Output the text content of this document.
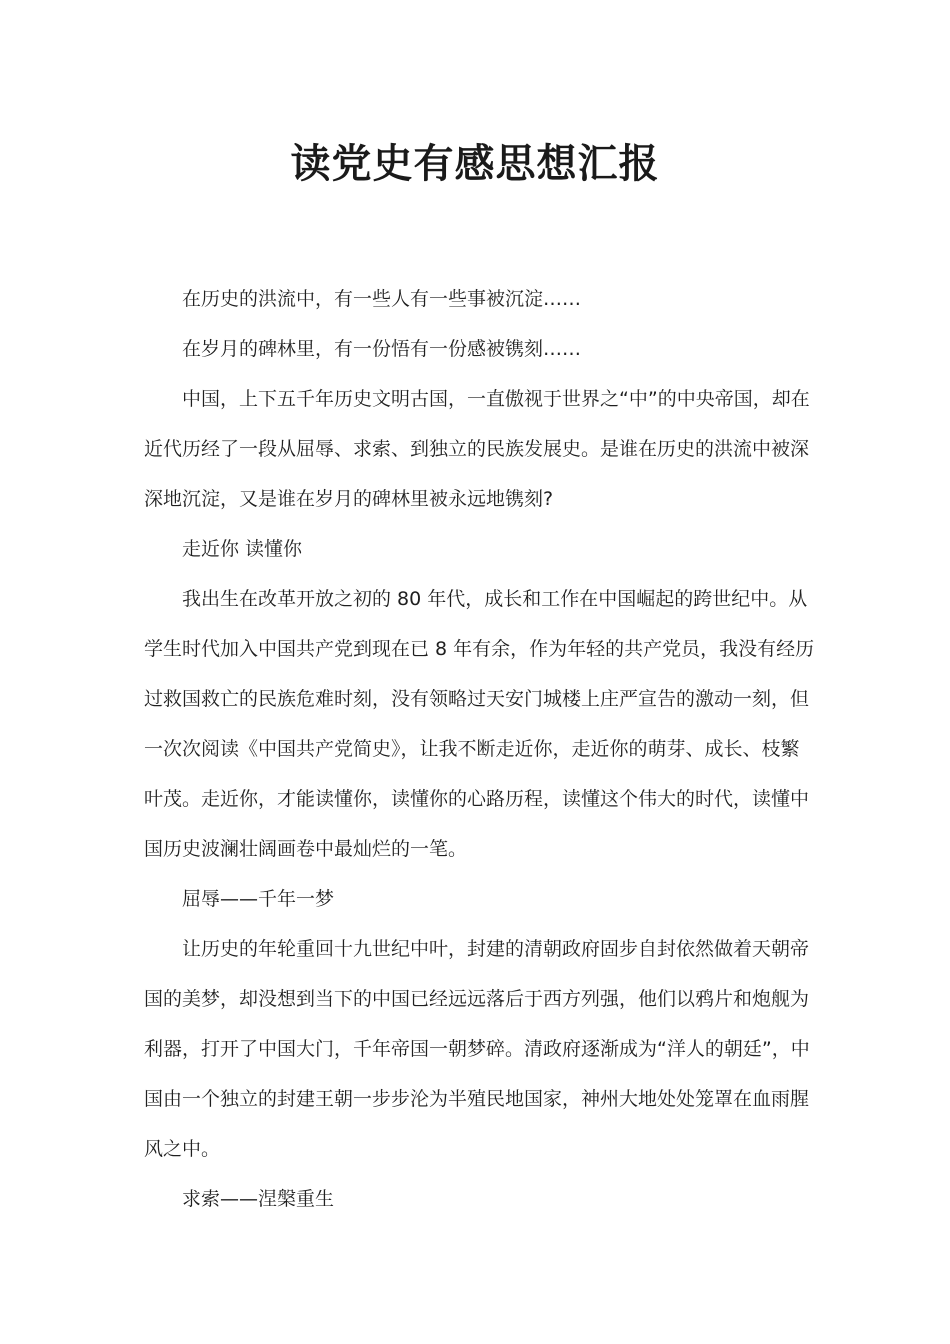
读党史有感思想汇报

在历史的洪流中，有一些人有一些事被沉淀……

在岁月的碑林里，有一份悟有一份感被镌刻……

中国，上下五千年历史文明古国，一直傲视于世界之“中”的中央帝国，却在近代历经了一段从屈辱、求索、到独立的民族发展史。是谁在历史的洪流中被深深地沉淀，又是谁在岁月的碑林里被永远地镌刻?

走近你 读懂你

我出生在改革开放之初的 80 年代，成长和工作在中国崛起的跨世纪中。从学生时代加入中国共产党到现在已 8 年有余，作为年轻的共产党员，我没有经历过救国救亡的民族危难时刻，没有领略过天安门城楼上庄严宣告的激动一刻，但一次次阅读《中国共产党简史》，让我不断走近你，走近你的萌芽、成长、枝繁叶茂。走近你，才能读懂你，读懂你的心路历程，读懂这个伟大的时代，读懂中国历史波澜壮阔画卷中最灿烂的一笔。

屈辱——千年一梦

让历史的年轮重回十九世纪中叶，封建的清朝政府固步自封依然做着天朝帝国的美梦，却没想到当下的中国已经远远落后于西方列强，他们以鸦片和炮舰为利器，打开了中国大门，千年帝国一朝梦碎。清政府逐渐成为“洋人的朝廷”，中国由一个独立的封建王朝一步步沦为半殖民地国家，神州大地处处笼罩在血雨腥风之中。

求索——涅槃重生
